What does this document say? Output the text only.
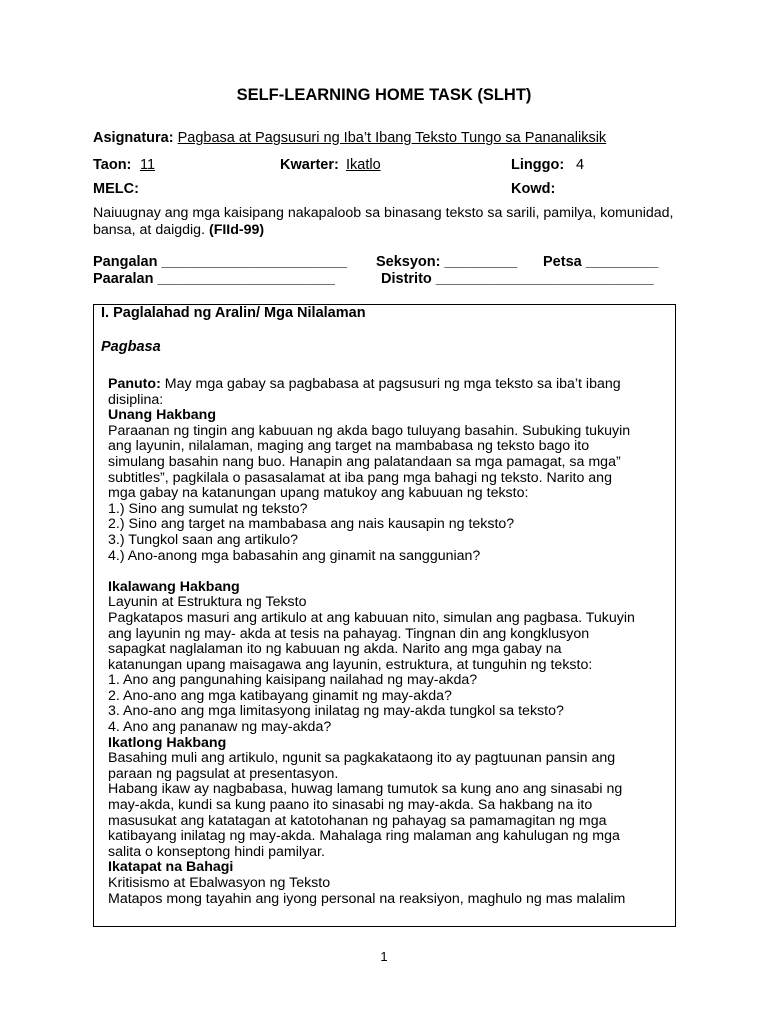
SELF-LEARNING HOME TASK (SLHT)
Asignatura: Pagbasa at Pagsusuri ng Iba’t Ibang Teksto Tungo sa Pananaliksik
Taon: 11	Kwarter: Ikatlo	Linggo: 4
MELC:	Kowd:
Naiuugnay ang mga kaisipang nakapaloob sa binasang teksto sa sarili, pamilya, komunidad, bansa, at daigdig. (FIId-99)
Pangalan _______________________ Seksyon: _________ Petsa _________
Paaralan ______________________	Distrito ___________________________
I. Paglalahad ng Aralin/ Mga Nilalaman
Pagbasa

Panuto: May mga gabay sa pagbabasa at pagsusuri ng mga teksto sa iba’t ibang

disiplina:

Unang Hakbang

Paraanan ng tingin ang kabuuan ng akda bago tuluyang basahin. Subuking tukuyin

ang layunin, nilalaman, maging ang target na mambabasa ng teksto bago ito

simulang basahin nang buo. Hanapin ang palatandaan sa mga pamagat, sa mga”

subtitles”, pagkilala o pasasalamat at iba pang mga bahagi ng teksto. Narito ang

mga gabay na katanungan upang matukoy ang kabuuan ng teksto:

1.) Sino ang sumulat ng teksto?

2.) Sino ang target na mambabasa ang nais kausapin ng teksto?

3.) Tungkol saan ang artikulo?

4.) Ano-anong mga babasahin ang ginamit na sanggunian?

Ikalawang Hakbang

Layunin at Estruktura ng Teksto

Pagkatapos masuri ang artikulo at ang kabuuan nito, simulan ang pagbasa. Tukuyin

ang layunin ng may- akda at tesis na pahayag. Tingnan din ang kongklusyon

sapagkat naglalaman ito ng kabuuan ng akda. Narito ang mga gabay na

katanungan upang maisagawa ang layunin, estruktura, at tunguhin ng teksto:

1. Ano ang pangunahing kaisipang nailahad ng may-akda?

2. Ano-ano ang mga katibayang ginamit ng may-akda?

3. Ano-ano ang mga limitasyong inilatag ng may-akda tungkol sa teksto?

4. Ano ang pananaw ng may-akda?

Ikatlong Hakbang

Basahing muli ang artikulo, ngunit sa pagkakataong ito ay pagtuunan pansin ang

paraan ng pagsulat at presentasyon.

Habang ikaw ay nagbabasa, huwag lamang tumutok sa kung ano ang sinasabi ng

may-akda, kundi sa kung paano ito sinasabi ng may-akda. Sa hakbang na ito

masusukat ang katatagan at katotohanan ng pahayag sa pamamagitan ng mga

katibayang inilatag ng may-akda. Mahalaga ring malaman ang kahulugan ng mga

salita o konseptong hindi pamilyar.

Ikatapat na Bahagi

Kritisismo at Ebalwasyon ng Teksto

Matapos mong tayahin ang iyong personal na reaksiyon, maghulo ng mas malalim

1
